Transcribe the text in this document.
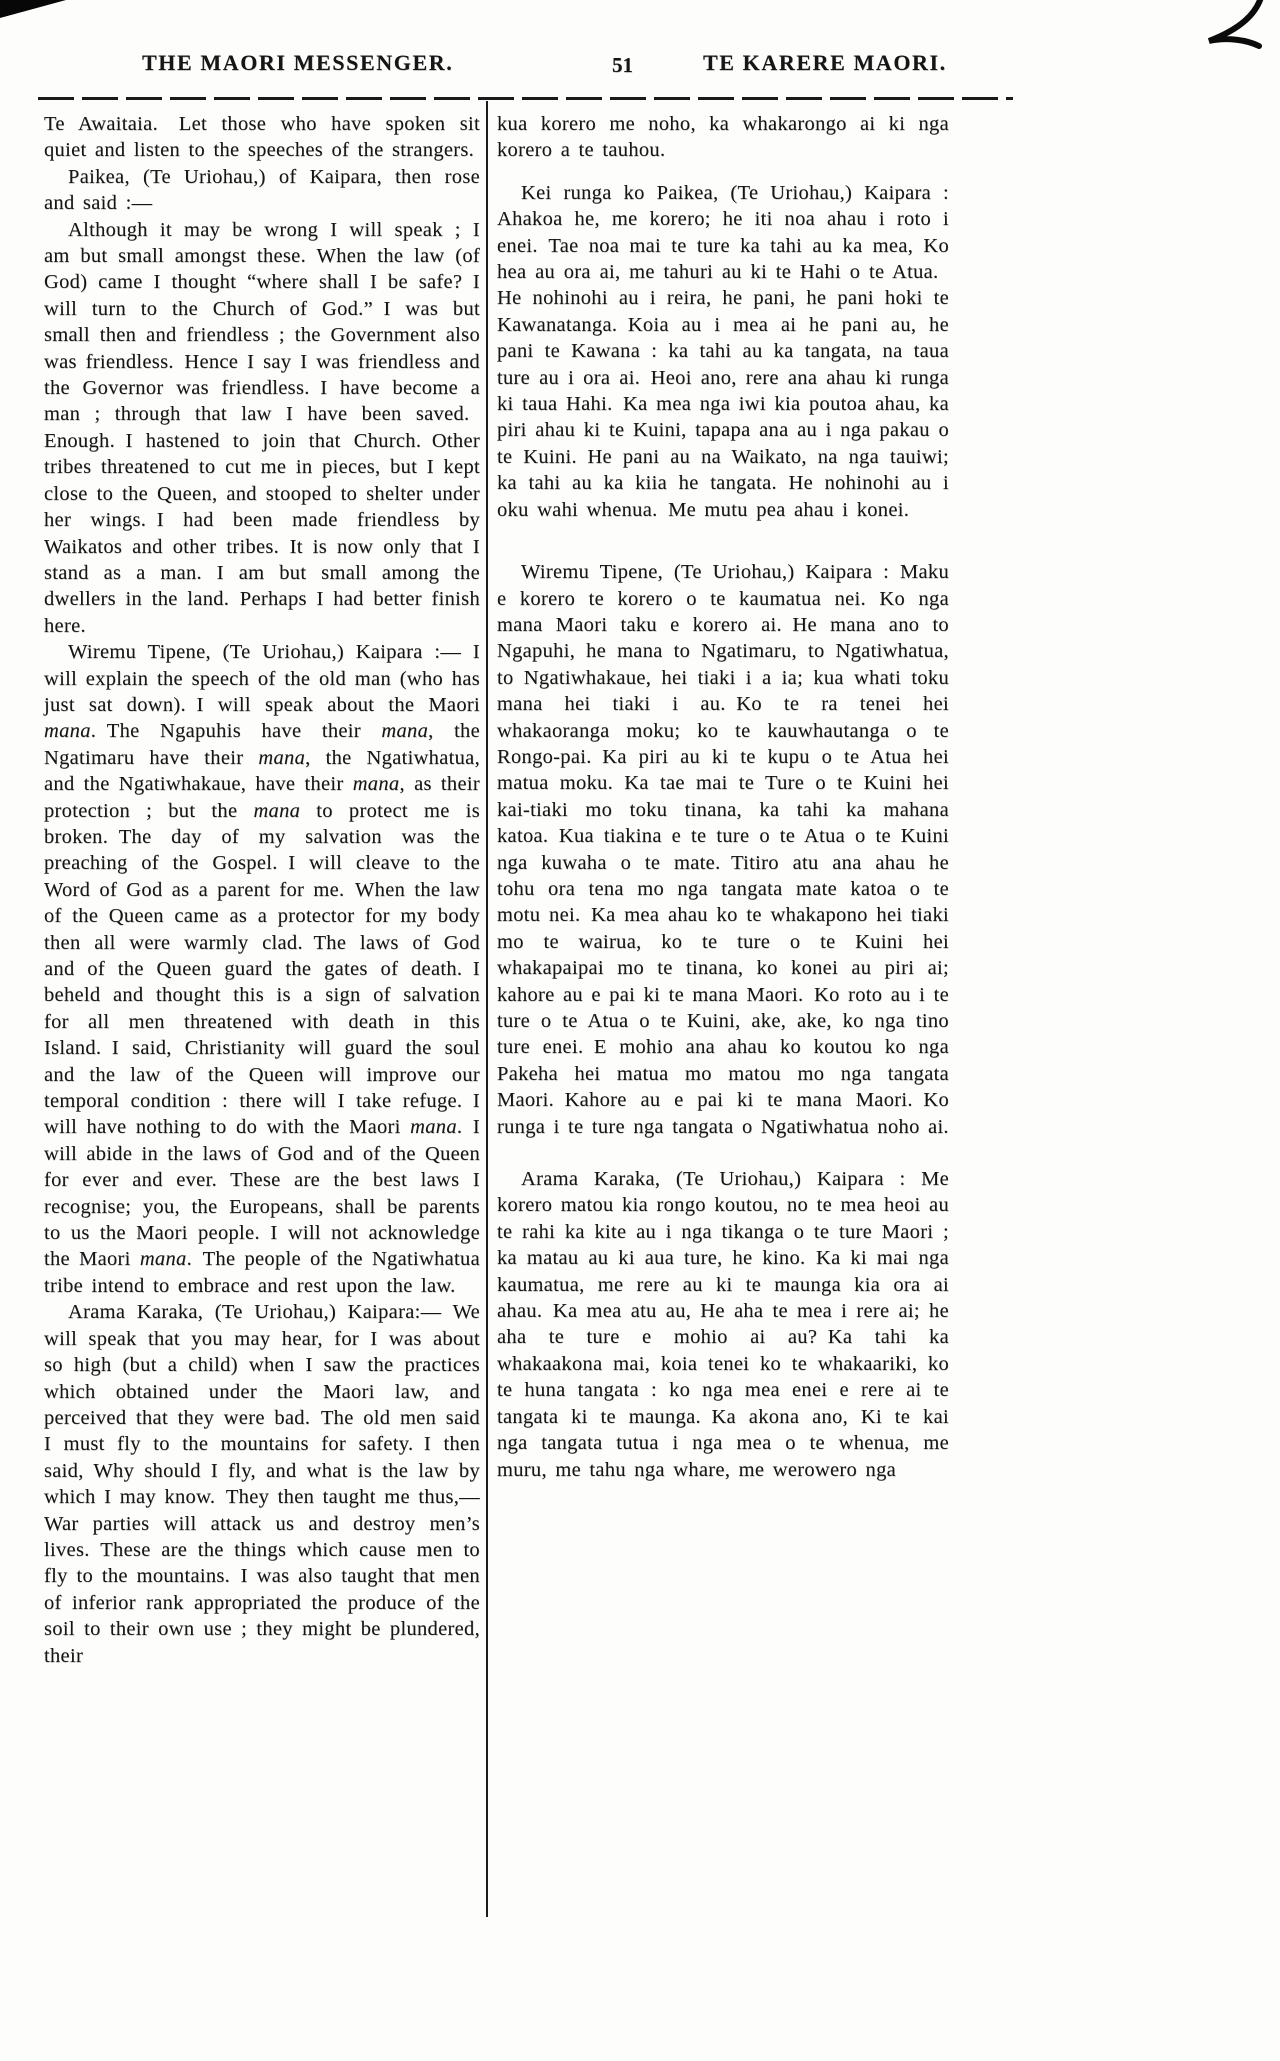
THE MAORI MESSENGER.	51	TE KARERE MAORI.

Te Awaitaia. Let those who have spoken sit quiet and listen to the speeches of the strangers.

Paikea, (Te Uriohau,) of Kaipara, then rose and said :—

Although it may be wrong I will speak ; I am but small amongst these. When the law (of God) came I thought “where shall I be safe? I will turn to the Church of God.” I was but small then and friendless ; the Government also was friendless. Hence I say I was friendless and the Governor was friendless. I have become a man ; through that law I have been saved. Enough. I hastened to join that Church. Other tribes threatened to cut me in pieces, but I kept close to the Queen, and stooped to shelter under her wings. I had been made friendless by Waikatos and other tribes. It is now only that I stand as a man. I am but small among the dwellers in the land. Perhaps I had better finish here.

Wiremu Tipene, (Te Uriohau,) Kaipara :— I will explain the speech of the old man (who has just sat down). I will speak about the Maori mana. The Ngapuhis have their mana, the Ngatimaru have their mana, the Ngatiwhatua, and the Ngatiwhakaue, have their mana, as their protection ; but the mana to protect me is broken. The day of my salvation was the preaching of the Gospel. I will cleave to the Word of God as a parent for me. When the law of the Queen came as a protector for my body then all were warmly clad. The laws of God and of the Queen guard the gates of death. I beheld and thought this is a sign of salvation for all men threatened with death in this Island. I said, Christianity will guard the soul and the law of the Queen will improve our temporal condition : there will I take refuge. I will have nothing to do with the Maori mana. I will abide in the laws of God and of the Queen for ever and ever. These are the best laws I recognise; you, the Europeans, shall be parents to us the Maori people. I will not acknowledge the Maori mana. The people of the Ngatiwhatua tribe intend to embrace and rest upon the law.

Arama Karaka, (Te Uriohau,) Kaipara:— We will speak that you may hear, for I was about so high (but a child) when I saw the practices which obtained under the Maori law, and perceived that they were bad. The old men said I must fly to the mountains for safety. I then said, Why should I fly, and what is the law by which I may know. They then taught me thus,—War parties will attack us and destroy men’s lives. These are the things which cause men to fly to the mountains. I was also taught that men of inferior rank appropriated the produce of the soil to their own use ; they might be plundered, their

kua korero me noho, ka whakarongo ai ki nga korero a te tauhou.

Kei runga ko Paikea, (Te Uriohau,) Kaipara : Ahakoa he, me korero; he iti noa ahau i roto i enei. Tae noa mai te ture ka tahi au ka mea, Ko hea au ora ai, me tahuri au ki te Hahi o te Atua. He nohinohi au i reira, he pani, he pani hoki te Kawanatanga. Koia au i mea ai he pani au, he pani te Kawana : ka tahi au ka tangata, na taua ture au i ora ai. Heoi ano, rere ana ahau ki runga ki taua Hahi. Ka mea nga iwi kia poutoa ahau, ka piri ahau ki te Kuini, tapapa ana au i nga pakau o te Kuini. He pani au na Waikato, na nga tauiwi; ka tahi au ka kiia he tangata. He nohinohi au i oku wahi whenua. Me mutu pea ahau i konei.

Wiremu Tipene, (Te Uriohau,) Kaipara : Maku e korero te korero o te kaumatua nei. Ko nga mana Maori taku e korero ai. He mana ano to Ngapuhi, he mana to Ngatimaru, to Ngatiwhatua, to Ngatiwhakaue, hei tiaki i a ia; kua whati toku mana hei tiaki i au. Ko te ra tenei hei whakaoranga moku; ko te kauwhautanga o te Rongo-pai. Ka piri au ki te kupu o te Atua hei matua moku. Ka tae mai te Ture o te Kuini hei kai-tiaki mo toku tinana, ka tahi ka mahana katoa. Kua tiakina e te ture o te Atua o te Kuini nga kuwaha o te mate. Titiro atu ana ahau he tohu ora tena mo nga tangata mate katoa o te motu nei. Ka mea ahau ko te whakapono hei tiaki mo te wairua, ko te ture o te Kuini hei whakapaipai mo te tinana, ko konei au piri ai; kahore au e pai ki te mana Maori. Ko roto au i te ture o te Atua o te Kuini, ake, ake, ko nga tino ture enei. E mohio ana ahau ko koutou ko nga Pakeha hei matua mo matou mo nga tangata Maori. Kahore au e pai ki te mana Maori. Ko runga i te ture nga tangata o Ngatiwhatua noho ai.

Arama Karaka, (Te Uriohau,) Kaipara : Me korero matou kia rongo koutou, no te mea heoi au te rahi ka kite au i nga tikanga o te ture Maori ; ka matau au ki aua ture, he kino. Ka ki mai nga kaumatua, me rere au ki te maunga kia ora ai ahau. Ka mea atu au, He aha te mea i rere ai; he aha te ture e mohio ai au? Ka tahi ka whakaakona mai, koia tenei ko te whakaariki, ko te huna tangata : ko nga mea enei e rere ai te tangata ki te maunga. Ka akona ano, Ki te kai nga tangata tutua i nga mea o te whenua, me muru, me tahu nga whare, me werowero nga
